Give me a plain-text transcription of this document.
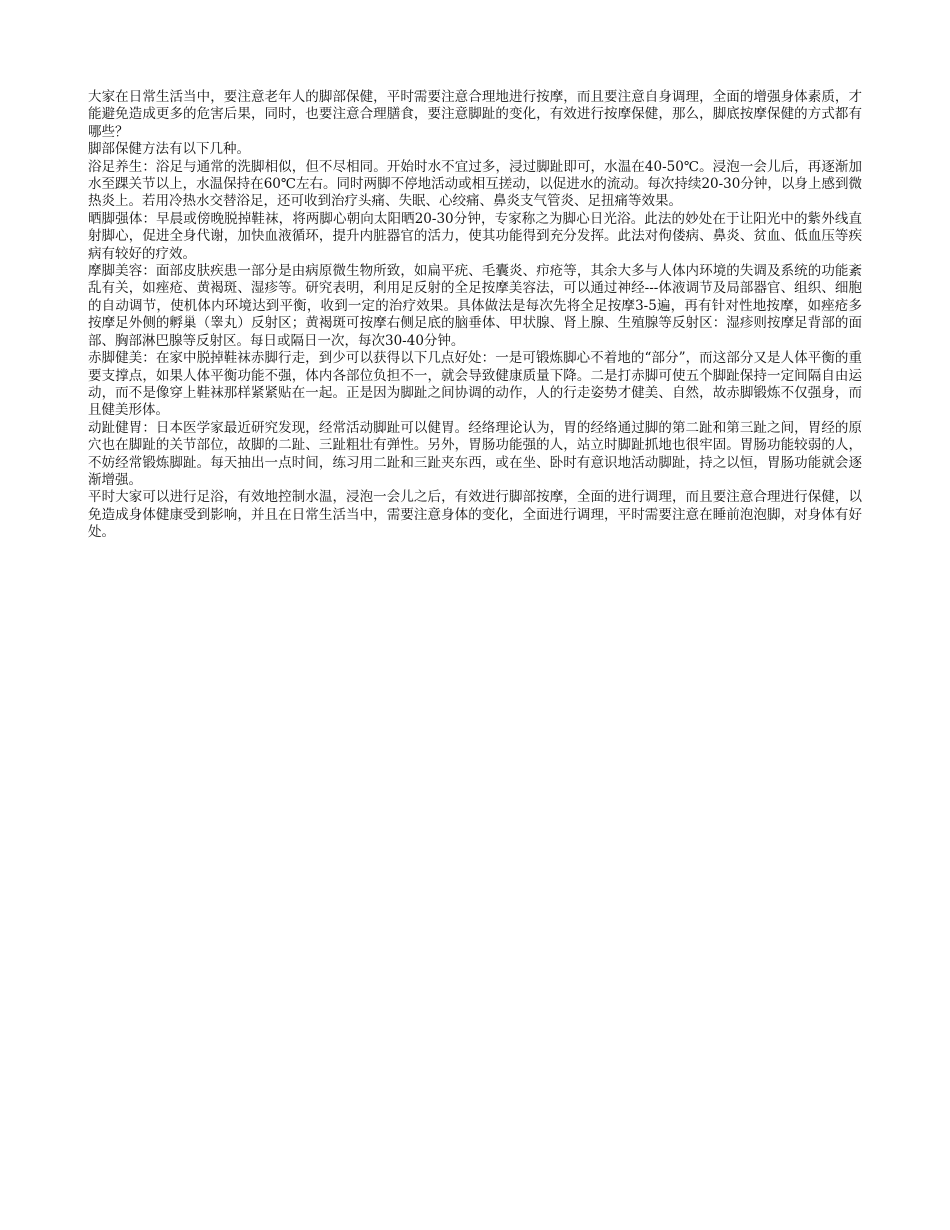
大家在日常生活当中，要注意老年人的脚部保健，平时需要注意合理地进行按摩，而且要注意自身调理，全面的增强身体素质，才能避免造成更多的危害后果，同时，也要注意合理膳食，要注意脚趾的变化，有效进行按摩保健，那么，脚底按摩保健的方式都有哪些？

脚部保健方法有以下几种。

浴足养生：浴足与通常的洗脚相似，但不尽相同。开始时水不宜过多，浸过脚趾即可，水温在40-50℃。浸泡一会儿后，再逐渐加水至踝关节以上，水温保持在60℃左右。同时两脚不停地活动或相互搓动，以促进水的流动。每次持续20-30分钟，以身上感到微热炎上。若用冷热水交替浴足，还可收到治疗头痛、失眠、心绞痛、鼻炎支气管炎、足扭痛等效果。

晒脚强体：早晨或傍晚脱掉鞋袜，将两脚心朝向太阳晒20-30分钟，专家称之为脚心日光浴。此法的妙处在于让阳光中的紫外线直射脚心，促进全身代谢，加快血液循环，提升内脏器官的活力，使其功能得到充分发挥。此法对佝偻病、鼻炎、贫血、低血压等疾病有较好的疗效。

摩脚美容：面部皮肤疾患一部分是由病原微生物所致，如扁平疣、毛囊炎、疖疮等，其余大多与人体内环境的失调及系统的功能紊乱有关，如痤疮、黄褐斑、湿疹等。研究表明，利用足反射的全足按摩美容法，可以通过神经---体液调节及局部器官、组织、细胞的自动调节，使机体内环境达到平衡，收到一定的治疗效果。具体做法是每次先将全足按摩3-5遍，再有针对性地按摩，如痤疮多按摩足外侧的孵巢（睾丸）反射区；黄褐斑可按摩右侧足底的脑垂体、甲状腺、肾上腺、生殖腺等反射区：湿疹则按摩足背部的面部、胸部淋巴腺等反射区。每日或隔日一次，每次30-40分钟。

赤脚健美：在家中脱掉鞋袜赤脚行走，到少可以获得以下几点好处：一是可锻炼脚心不着地的“部分”，而这部分又是人体平衡的重要支撑点，如果人体平衡功能不强，体内各部位负担不一，就会导致健康质量下降。二是打赤脚可使五个脚趾保持一定间隔自由运动，而不是像穿上鞋袜那样紧紧贴在一起。正是因为脚趾之间协调的动作，人的行走姿势才健美、自然，故赤脚锻炼不仅强身，而且健美形体。

动趾健胃：日本医学家最近研究发现，经常活动脚趾可以健胃。经络理论认为，胃的经络通过脚的第二趾和第三趾之间，胃经的原穴也在脚趾的关节部位，故脚的二趾、三趾粗壮有弹性。另外，胃肠功能强的人，站立时脚趾抓地也很牢固。胃肠功能较弱的人，不妨经常锻炼脚趾。每天抽出一点时间，练习用二趾和三趾夹东西，或在坐、卧时有意识地活动脚趾，持之以恒，胃肠功能就会逐渐增强。

平时大家可以进行足浴，有效地控制水温，浸泡一会儿之后，有效进行脚部按摩，全面的进行调理，而且要注意合理进行保健，以免造成身体健康受到影响，并且在日常生活当中，需要注意身体的变化，全面进行调理，平时需要注意在睡前泡泡脚，对身体有好处。
